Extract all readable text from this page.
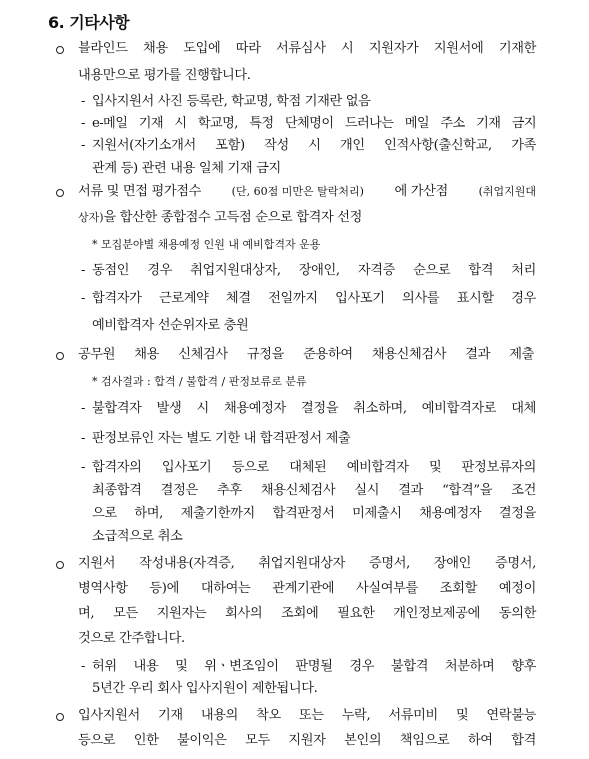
6. 기타사항
블라인드 채용 도입에 따라 서류심사 시 지원자가 지원서에 기재한
내용만으로 평가를 진행합니다.
- 입사지원서 사진 등록란, 학교명, 학점 기재란 없음
- e-메일 기재 시 학교명, 특정 단체명이 드러나는 메일 주소 기재 금지
- 지원서(자기소개서 포함) 작성 시 개인 인적사항(출신학교, 가족
관계 등) 관련 내용 일체 기재 금지
서류 및 면접 평가점수	(단, 60점 미만은 탈락처리) 에 가산점	(취업지원대
상자)을 합산한 종합점수 고득점 순으로 합격자 선정
* 모집분야별 채용예정 인원 내 예비합격자 운용
- 동점인 경우 취업지원대상자, 장애인, 자격증 순으로 합격 처리
- 합격자가 근로계약 체결 전일까지 입사포기 의사를 표시할 경우
예비합격자 선순위자로 충원
공무원 채용 신체검사 규정을 준용하여 채용신체검사 결과 제출
* 검사결과 : 합격 / 불합격 / 판정보류로 분류
- 불합격자 발생 시 채용예정자 결정을 취소하며, 예비합격자로 대체
- 판정보류인 자는 별도 기한 내 합격판정서 제출
- 합격자의 입사포기 등으로 대체된 예비합격자 및 판정보류자의
최종합격 결정은 추후 채용신체검사 실시 결과 “합격”을 조건
으로 하며, 제출기한까지 합격판정서 미제출시 채용예정자 결정을
소급적으로 취소
지원서 작성내용(자격증, 취업지원대상자 증명서, 장애인 증명서,
병역사항 등)에 대하여는 관계기관에 사실여부를 조회할 예정이
며, 모든 지원자는 회사의 조회에 필요한 개인정보제공에 동의한
것으로 간주합니다.
- 허위 내용 및 위ㆍ변조임이 판명될 경우 불합격 처분하며 향후
5년간 우리 회사 입사지원이 제한됩니다.
입사지원서 기재 내용의 착오 또는 누락, 서류미비 및 연락불능
등으로 인한 불이익은 모두 지원자 본인의 책임으로 하여 합격
